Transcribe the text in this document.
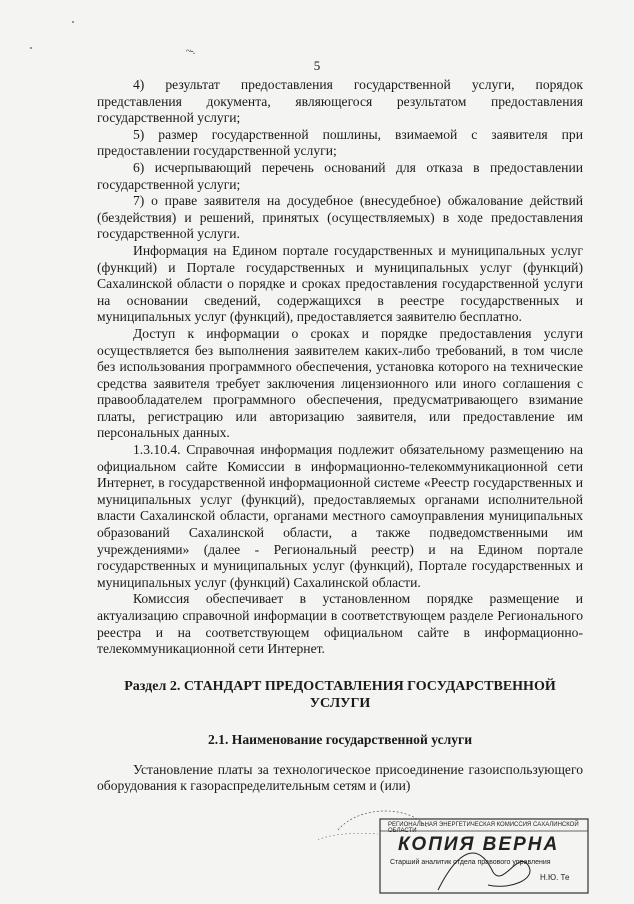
~-.
5

4) результат предоставления государственной услуги, порядок представления документа, являющегося результатом предоставления государственной услуги;

5) размер государственной пошлины, взимаемой с заявителя при предоставлении государственной услуги;

6) исчерпывающий перечень оснований для отказа в предоставлении государственной услуги;

7) о праве заявителя на досудебное (внесудебное) обжалование действий (бездействия) и решений, принятых (осуществляемых) в ходе предоставления государственной услуги.

Информация на Едином портале государственных и муниципальных услуг (функций) и Портале государственных и муниципальных услуг (функций) Сахалинской области о порядке и сроках предоставления государственной услуги на основании сведений, содержащихся в реестре государственных и муниципальных услуг (функций), предоставляется заявителю бесплатно.

Доступ к информации о сроках и порядке предоставления услуги осуществляется без выполнения заявителем каких-либо требований, в том числе без использования программного обеспечения, установка которого на технические средства заявителя требует заключения лицензионного или иного соглашения с правообладателем программного обеспечения, предусматривающего взимание платы, регистрацию или авторизацию заявителя, или предоставление им персональных данных.

1.3.10.4. Справочная информация подлежит обязательному размещению на официальном сайте Комиссии в информационно-телекоммуникационной сети Интернет, в государственной информационной системе «Реестр государственных и муниципальных услуг (функций), предоставляемых органами исполнительной власти Сахалинской области, органами местного самоуправления муниципальных образований Сахалинской области, а также подведомственными им учреждениями» (далее - Региональный реестр) и на Едином портале государственных и муниципальных услуг (функций), Портале государственных и муниципальных услуг (функций) Сахалинской области.

Комиссия обеспечивает в установленном порядке размещение и актуализацию справочной информации в соответствующем разделе Регионального реестра и на соответствующем официальном сайте в информационно-телекоммуникационной сети Интернет.

Раздел 2. СТАНДАРТ ПРЕДОСТАВЛЕНИЯ ГОСУДАРСТВЕННОЙ УСЛУГИ
2.1. Наименование государственной услуги

Установление платы за технологическое присоединение газоиспользующего оборудования к газораспределительным сетям и (или)

РЕГИОНАЛЬНАЯ ЭНЕРГЕТИЧЕСКАЯ КОМИССИЯ САХАЛИНСКОЙ ОБЛАСТИ
КОПИЯ ВЕРНА
Старший аналитик отдела правового управления
Н.Ю. Те
